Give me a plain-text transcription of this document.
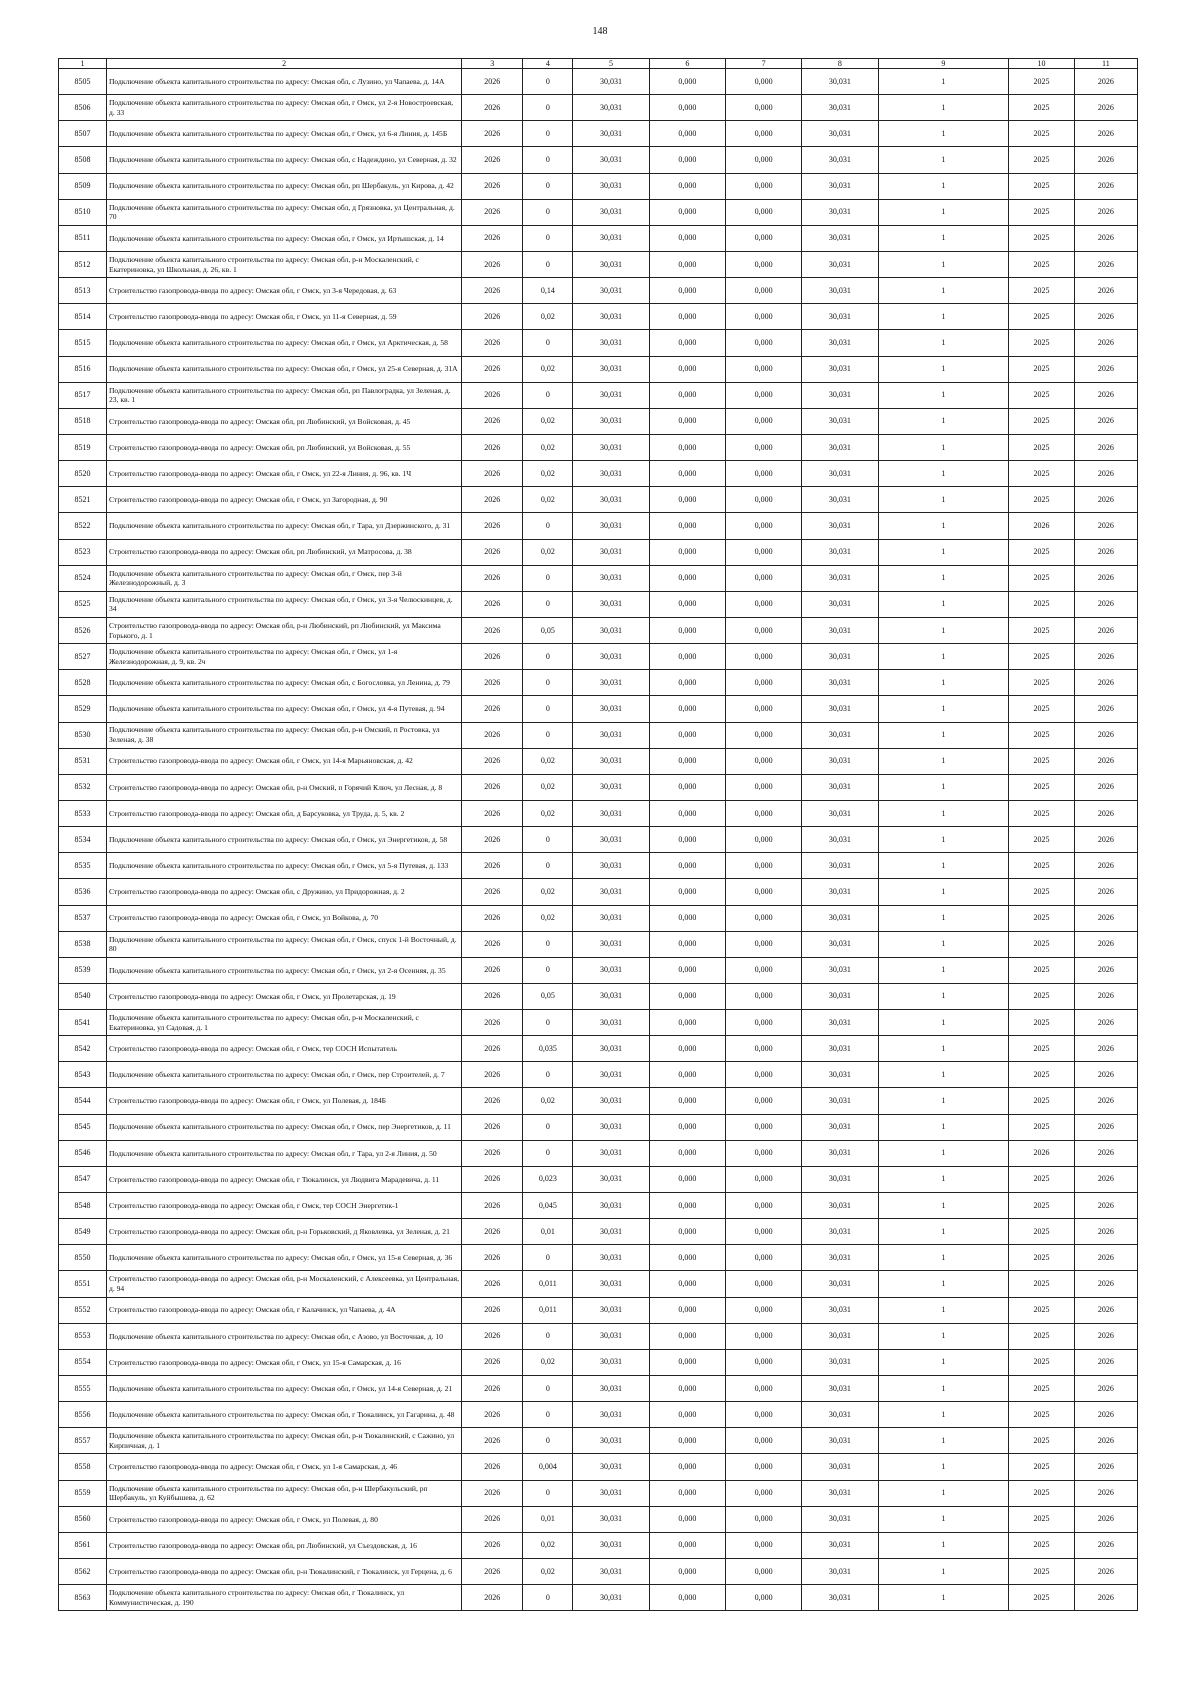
148
1	2	3	4	5	6	7	8	9	10	11
8505	Подключение объекта капитального строительства по адресу: Омская обл, с Лузино, ул Чапаева, д. 14А	2026	0	30,031	0,000	0,000	30,031	1	2025	2026
8506	Подключение объекта капитального строительства по адресу: Омская обл, г Омск, ул 2-я Новостроевская, д. 33	2026	0	30,031	0,000	0,000	30,031	1	2025	2026
8507	Подключение объекта капитального строительства по адресу: Омская обл, г Омск, ул 6-я Линия, д. 145Б	2026	0	30,031	0,000	0,000	30,031	1	2025	2026
8508	Подключение объекта капитального строительства по адресу: Омская обл, с Надеждино, ул Северная, д. 32	2026	0	30,031	0,000	0,000	30,031	1	2025	2026
8509	Подключение объекта капитального строительства по адресу: Омская обл, рп Шербакуль, ул Кирова, д. 42	2026	0	30,031	0,000	0,000	30,031	1	2025	2026
8510	Подключение объекта капитального строительства по адресу: Омская обл, д Грязновка, ул Центральная, д. 70	2026	0	30,031	0,000	0,000	30,031	1	2025	2026
8511	Подключение объекта капитального строительства по адресу: Омская обл, г Омск, ул Иртышская, д. 14	2026	0	30,031	0,000	0,000	30,031	1	2025	2026
8512	Подключение объекта капитального строительства по адресу: Омская обл, р-н Москаленский, с Екатериновка, ул Школьная, д. 26, кв. 1	2026	0	30,031	0,000	0,000	30,031	1	2025	2026
8513	Строительство газопровода-ввода по адресу: Омская обл, г Омск, ул 3-я Чередовая, д. 63	2026	0,14	30,031	0,000	0,000	30,031	1	2025	2026
8514	Строительство газопровода-ввода по адресу: Омская обл, г Омск, ул 11-я Северная, д. 59	2026	0,02	30,031	0,000	0,000	30,031	1	2025	2026
8515	Подключение объекта капитального строительства по адресу: Омская обл, г Омск, ул Арктическая, д. 58	2026	0	30,031	0,000	0,000	30,031	1	2025	2026
8516	Подключение объекта капитального строительства по адресу: Омская обл, г Омск, ул 25-я Северная, д. 31А	2026	0,02	30,031	0,000	0,000	30,031	1	2025	2026
8517	Подключение объекта капитального строительства по адресу: Омская обл, рп Павлоградка, ул Зеленая, д. 23, кв. 1	2026	0	30,031	0,000	0,000	30,031	1	2025	2026
8518	Строительство газопровода-ввода по адресу: Омская обл, рп Любинский, ул Войсковая, д. 45	2026	0,02	30,031	0,000	0,000	30,031	1	2025	2026
8519	Строительство газопровода-ввода по адресу: Омская обл, рп Любинский, ул Войсковая, д. 55	2026	0,02	30,031	0,000	0,000	30,031	1	2025	2026
8520	Строительство газопровода-ввода по адресу: Омская обл, г Омск, ул 22-я Линия, д. 96, кв. 1Ч	2026	0,02	30,031	0,000	0,000	30,031	1	2025	2026
8521	Строительство газопровода-ввода по адресу: Омская обл, г Омск, ул Загородная, д. 90	2026	0,02	30,031	0,000	0,000	30,031	1	2025	2026
8522	Подключение объекта капитального строительства по адресу: Омская обл, г Тара, ул Дзержинского, д. 31	2026	0	30,031	0,000	0,000	30,031	1	2026	2026
8523	Строительство газопровода-ввода по адресу: Омская обл, рп Любинский, ул Матросова, д. 38	2026	0,02	30,031	0,000	0,000	30,031	1	2025	2026
8524	Подключение объекта капитального строительства по адресу: Омская обл, г Омск, пер 3-й Железнодорожный, д. 3	2026	0	30,031	0,000	0,000	30,031	1	2025	2026
8525	Подключение объекта капитального строительства по адресу: Омская обл, г Омск, ул 3-я Челюскинцев, д. 34	2026	0	30,031	0,000	0,000	30,031	1	2025	2026
8526	Строительство газопровода-ввода по адресу: Омская обл, р-н Любинский, рп Любинский, ул Максима Горького, д. 1	2026	0,05	30,031	0,000	0,000	30,031	1	2025	2026
8527	Подключение объекта капитального строительства по адресу: Омская обл, г Омск, ул 1-я Железнодорожная, д. 9, кв. 2ч	2026	0	30,031	0,000	0,000	30,031	1	2025	2026
8528	Подключение объекта капитального строительства по адресу: Омская обл, с Богословка, ул Ленина, д. 79	2026	0	30,031	0,000	0,000	30,031	1	2025	2026
8529	Подключение объекта капитального строительства по адресу: Омская обл, г Омск, ул 4-я Путевая, д. 94	2026	0	30,031	0,000	0,000	30,031	1	2025	2026
8530	Подключение объекта капитального строительства по адресу: Омская обл, р-н Омский, п Ростовка, ул Зеленая, д. 38	2026	0	30,031	0,000	0,000	30,031	1	2025	2026
8531	Строительство газопровода-ввода по адресу: Омская обл, г Омск, ул 14-я Марьяновская, д. 42	2026	0,02	30,031	0,000	0,000	30,031	1	2025	2026
8532	Строительство газопровода-ввода по адресу: Омская обл, р-н Омский, п Горячий Ключ, ул Лесная, д. 8	2026	0,02	30,031	0,000	0,000	30,031	1	2025	2026
8533	Строительство газопровода-ввода по адресу: Омская обл, д Барсуковка, ул Труда, д. 5, кв. 2	2026	0,02	30,031	0,000	0,000	30,031	1	2025	2026
8534	Подключение объекта капитального строительства по адресу: Омская обл, г Омск, ул Энергетиков, д. 58	2026	0	30,031	0,000	0,000	30,031	1	2025	2026
8535	Подключение объекта капитального строительства по адресу: Омская обл, г Омск, ул 5-я Путевая, д. 133	2026	0	30,031	0,000	0,000	30,031	1	2025	2026
8536	Строительство газопровода-ввода по адресу: Омская обл, с Дружино, ул Придорожная, д. 2	2026	0,02	30,031	0,000	0,000	30,031	1	2025	2026
8537	Строительство газопровода-ввода по адресу: Омская обл, г Омск, ул Войкова, д. 70	2026	0,02	30,031	0,000	0,000	30,031	1	2025	2026
8538	Подключение объекта капитального строительства по адресу: Омская обл, г Омск, спуск 1-й Восточный, д. 80	2026	0	30,031	0,000	0,000	30,031	1	2025	2026
8539	Подключение объекта капитального строительства по адресу: Омская обл, г Омск, ул 2-я Осенняя, д. 35	2026	0	30,031	0,000	0,000	30,031	1	2025	2026
8540	Строительство газопровода-ввода по адресу: Омская обл, г Омск, ул Пролетарская, д. 19	2026	0,05	30,031	0,000	0,000	30,031	1	2025	2026
8541	Подключение объекта капитального строительства по адресу: Омская обл, р-н Москаленский, с Екатериновка, ул Садовая, д. 1	2026	0	30,031	0,000	0,000	30,031	1	2025	2026
8542	Строительство газопровода-ввода по адресу: Омская обл, г Омск, тер СОСН Испытатель	2026	0,035	30,031	0,000	0,000	30,031	1	2025	2026
8543	Подключение объекта капитального строительства по адресу: Омская обл, г Омск, пер Строителей, д. 7	2026	0	30,031	0,000	0,000	30,031	1	2025	2026
8544	Строительство газопровода-ввода по адресу: Омская обл, г Омск, ул Полевая, д. 184Б	2026	0,02	30,031	0,000	0,000	30,031	1	2025	2026
8545	Подключение объекта капитального строительства по адресу: Омская обл, г Омск, пер Энергетиков, д. 11	2026	0	30,031	0,000	0,000	30,031	1	2025	2026
8546	Подключение объекта капитального строительства по адресу: Омская обл, г Тара, ул 2-я Линия, д. 50	2026	0	30,031	0,000	0,000	30,031	1	2026	2026
8547	Строительство газопровода-ввода по адресу: Омская обл, г Тюкалинск, ул Людвига Марадевича, д. 11	2026	0,023	30,031	0,000	0,000	30,031	1	2025	2026
8548	Строительство газопровода-ввода по адресу: Омская обл, г Омск, тер СОСН Энергетик-1	2026	0,045	30,031	0,000	0,000	30,031	1	2025	2026
8549	Строительство газопровода-ввода по адресу: Омская обл, р-н Горьковский, д Яковлевка, ул Зеленая, д. 21	2026	0,01	30,031	0,000	0,000	30,031	1	2025	2026
8550	Подключение объекта капитального строительства по адресу: Омская обл, г Омск, ул 15-я Северная, д. 36	2026	0	30,031	0,000	0,000	30,031	1	2025	2026
8551	Строительство газопровода-ввода по адресу: Омская обл, р-н Москаленский, с Алексеевка, ул Центральная, д. 94	2026	0,011	30,031	0,000	0,000	30,031	1	2025	2026
8552	Строительство газопровода-ввода по адресу: Омская обл, г Калачинск, ул Чапаева, д. 4А	2026	0,011	30,031	0,000	0,000	30,031	1	2025	2026
8553	Подключение объекта капитального строительства по адресу: Омская обл, с Азово, ул Восточная, д. 10	2026	0	30,031	0,000	0,000	30,031	1	2025	2026
8554	Строительство газопровода-ввода по адресу: Омская обл, г Омск, ул 15-я Самарская, д. 16	2026	0,02	30,031	0,000	0,000	30,031	1	2025	2026
8555	Подключение объекта капитального строительства по адресу: Омская обл, г Омск, ул 14-я Северная, д. 21	2026	0	30,031	0,000	0,000	30,031	1	2025	2026
8556	Подключение объекта капитального строительства по адресу: Омская обл, г Тюкалинск, ул Гагарина, д. 48	2026	0	30,031	0,000	0,000	30,031	1	2025	2026
8557	Подключение объекта капитального строительства по адресу: Омская обл, р-н Тюкалинский, с Сажино, ул Кирпичная, д. 1	2026	0	30,031	0,000	0,000	30,031	1	2025	2026
8558	Строительство газопровода-ввода по адресу: Омская обл, г Омск, ул 1-я Самарская, д. 46	2026	0,004	30,031	0,000	0,000	30,031	1	2025	2026
8559	Подключение объекта капитального строительства по адресу: Омская обл, р-н Шербакульский, рп Шербакуль, ул Куйбышева, д. 62	2026	0	30,031	0,000	0,000	30,031	1	2025	2026
8560	Строительство газопровода-ввода по адресу: Омская обл, г Омск, ул Полевая, д. 80	2026	0,01	30,031	0,000	0,000	30,031	1	2025	2026
8561	Строительство газопровода-ввода по адресу: Омская обл, рп Любинский, ул Съездовская, д. 16	2026	0,02	30,031	0,000	0,000	30,031	1	2025	2026
8562	Строительство газопровода-ввода по адресу: Омская обл, р-н Тюкалинский, г Тюкалинск, ул Герцена, д. 6	2026	0,02	30,031	0,000	0,000	30,031	1	2025	2026
8563	Подключение объекта капитального строительства по адресу: Омская обл, г Тюкалинск, ул Коммунистическая, д. 190	2026	0	30,031	0,000	0,000	30,031	1	2025	2026
